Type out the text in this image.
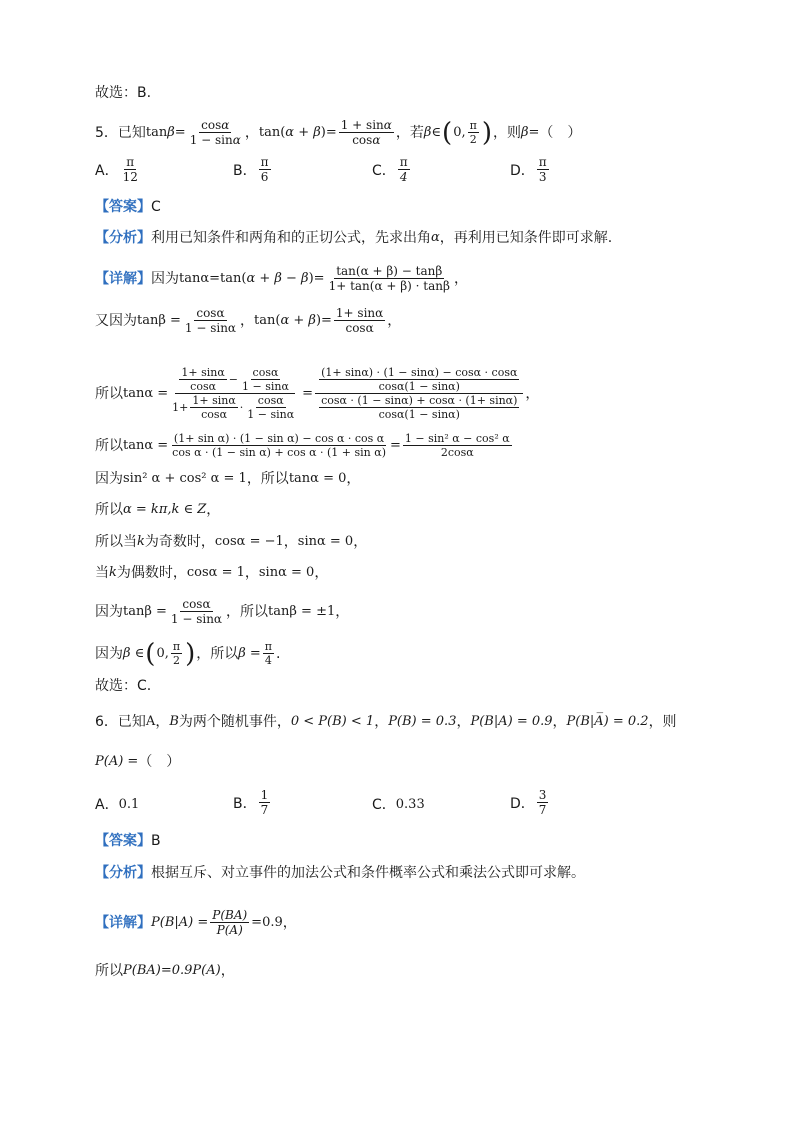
故选：B.
5．已知 $\tan \beta = \frac{\cos\alpha}{1 - \sin\alpha}$ ， tan ( α + β ) = $\frac{1 + \sin\alpha}{\cos\alpha}$ ，若 β ∈ ( 0, $\frac{\pi}{2}$ ) ，则 β = （　）
A． $\frac{\pi}{12}$	B． $\frac{\pi}{6}$	C． $\frac{\pi}{4}$	D． $\frac{\pi}{3}$
【答案】 C
【分析】 利用已知条件和两角和的正切公式，先求出角 α ，再利用已知条件即可求解.
【详解】 因为 tanα=tan ( α + β − β ) = $\frac{\tan(\alpha + \beta) - \tan\beta}{1+ \tan(\alpha + \beta) \cdot \tan\beta}$ ，
又因为 $\tan\beta = \frac{\cos\alpha}{1 - \sin\alpha}$ ， tan ( α + β ) = $\frac{1+ \sin\alpha}{\cos\alpha}$ ，
所以 $\tan\alpha = \frac{\frac{1+ \sin\alpha}{\cos\alpha} - \frac{\cos\alpha}{1 - \sin\alpha}}{1+ \frac{1+ \sin\alpha}{\cos\alpha} \cdot \frac{\cos\alpha}{1 - \sin\alpha}} = \frac{\frac{(1+ \sin\alpha) \cdot (1 - \sin\alpha) - \cos\alpha \cdot \cos\alpha}{\cos\alpha(1 - \sin\alpha)}}{\frac{\cos\alpha \cdot (1 - \sin\alpha) + \cos\alpha \cdot (1+ \sin\alpha)}{\cos\alpha(1 - \sin\alpha)}}$ ，
所以 $\tan\alpha = \frac{\text{(1+ sin α) · (1 − sin α) − cos α · cos α}}{\text{cos α · (1 − sin α) + cos α · (1 + sin α)}} = \frac{\text{1 − sin² α − cos² α}}{2\cos\alpha}$
因为 sin² α + cos² α = 1 ，所以 tanα = 0 ，
所以 α = kπ,k ∈ Z ，
所以当 k 为奇数时， cosα = −1 ， sinα = 0 ，
当 k 为偶数时， cosα = 1 ， sinα = 0 ，
因为 $\tan\beta = \frac{\cos\alpha}{1 - \sin\alpha}$ ，所以 tanβ = ±1 ，
因为 β ∈ ( 0, $\frac{\pi}{2}$ ) ，所以 $\beta = \frac{\pi}{4}$ .
故选：C.
6．已知 A ， B 为两个随机事件， 0 < P(B) < 1 ， P(B) = 0.3 ， P(B|A) = 0.9 ， P(B|A̅) = 0.2 ，则
P(A) = （　）
A． 0.1	B． $\frac{1}{7}$	C． 0.33	D． $\frac{3}{7}$
【答案】 B
【分析】 根据互斥、对立事件的加法公式和条件概率公式和乘法公式即可求解。
【详解】 $P(B|A) = \frac{P(BA)}{P(A)} =0.9$ ，
所以 P(BA)=0.9P(A) ，
